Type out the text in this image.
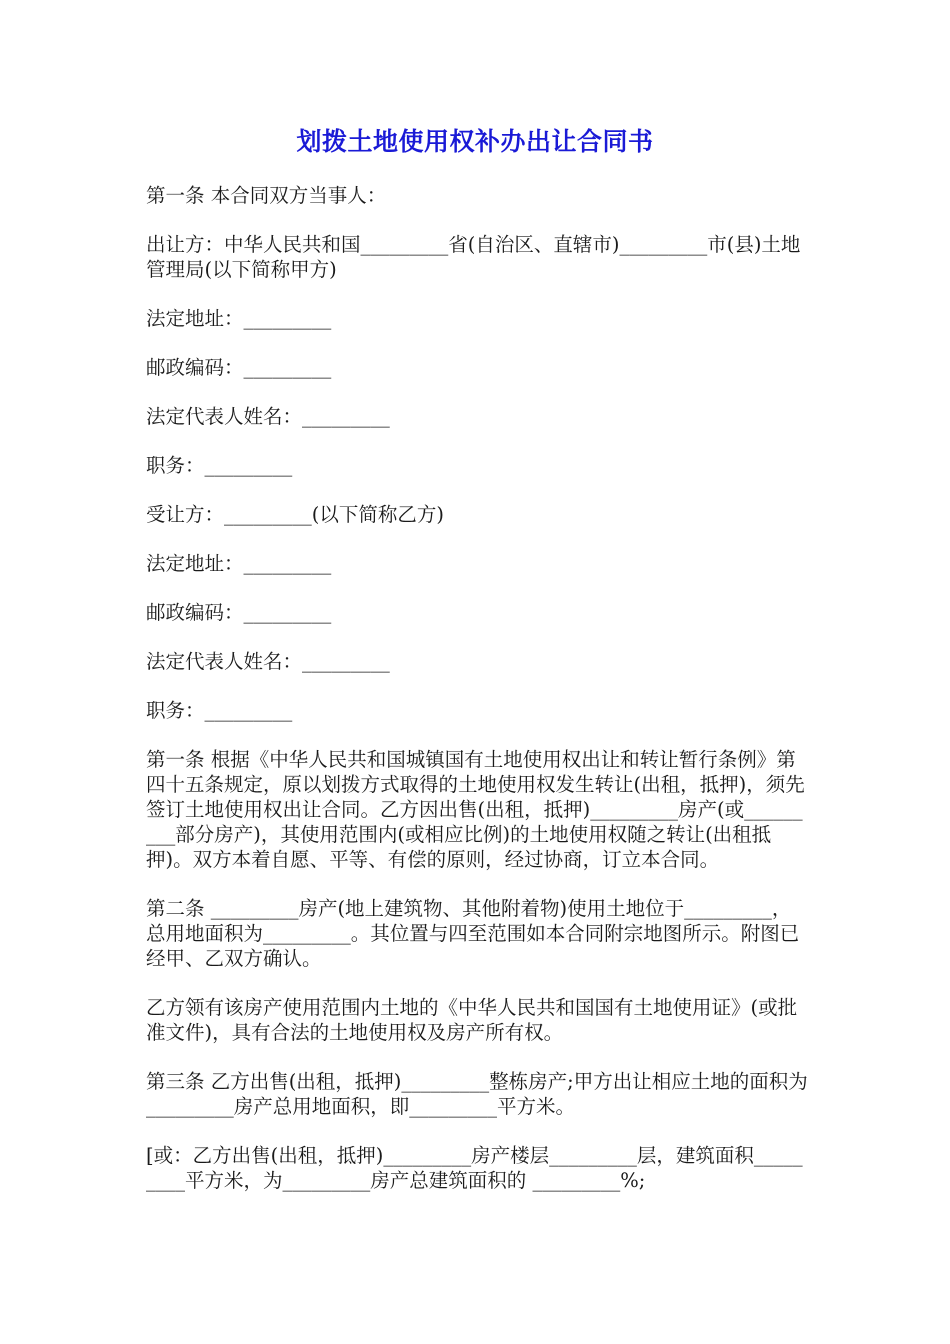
划拨土地使用权补办出让合同书

第一条 本合同双方当事人：

出让方：中华人民共和国_________省(自治区、直辖市)_________市(县)土地管理局(以下简称甲方)

法定地址：_________

邮政编码：_________

法定代表人姓名：_________

职务：_________

受让方：_________(以下简称乙方)

法定地址：_________

邮政编码：_________

法定代表人姓名：_________

职务：_________

第一条 根据《中华人民共和国城镇国有土地使用权出让和转让暂行条例》第四十五条规定，原以划拨方式取得的土地使用权发生转让(出租，抵押)，须先签订土地使用权出让合同。乙方因出售(出租，抵押)_________房产(或_________部分房产)，其使用范围内(或相应比例)的土地使用权随之转让(出租抵押)。双方本着自愿、平等、有偿的原则，经过协商，订立本合同。

第二条 _________房产(地上建筑物、其他附着物)使用土地位于_________，总用地面积为_________。其位置与四至范围如本合同附宗地图所示。附图已经甲、乙双方确认。

乙方领有该房产使用范围内土地的《中华人民共和国国有土地使用证》(或批准文件)，具有合法的土地使用权及房产所有权。

第三条 乙方出售(出租，抵押)_________整栋房产;甲方出让相应土地的面积为_________房产总用地面积，即_________平方米。

[或：乙方出售(出租，抵押)_________房产楼层_________层，建筑面积_________平方米，为_________房产总建筑面积的 _________%;
